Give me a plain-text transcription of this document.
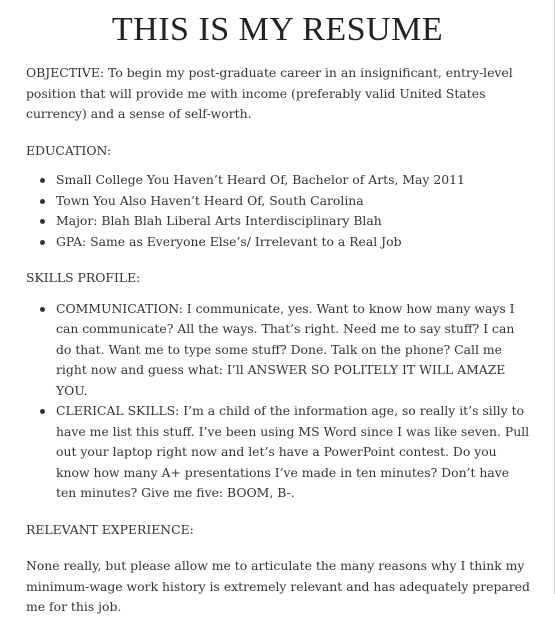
THIS IS MY RESUME

OBJECTIVE: To begin my post-graduate career in an insignificant, entry-level position that will provide me with income (preferably valid United States currency) and a sense of self-worth.

EDUCATION:

Small College You Haven’t Heard Of, Bachelor of Arts, May 2011
Town You Also Haven’t Heard Of, South Carolina
Major: Blah Blah Liberal Arts Interdisciplinary Blah
GPA: Same as Everyone Else’s/ Irrelevant to a Real Job

SKILLS PROFILE:

COMMUNICATION: I communicate, yes. Want to know how many ways I can communicate? All the ways. That’s right. Need me to say stuff? I can do that. Want me to type some stuff? Done. Talk on the phone? Call me right now and guess what: I’ll ANSWER SO POLITELY IT WILL AMAZE YOU.
CLERICAL SKILLS: I’m a child of the information age, so really it’s silly to have me list this stuff. I’ve been using MS Word since I was like seven. Pull out your laptop right now and let’s have a PowerPoint contest. Do you know how many A+ presentations I’ve made in ten minutes? Don’t have ten minutes? Give me five: BOOM, B-.

RELEVANT EXPERIENCE:

None really, but please allow me to articulate the many reasons why I think my minimum-wage work history is extremely relevant and has adequately prepared me for this job.
